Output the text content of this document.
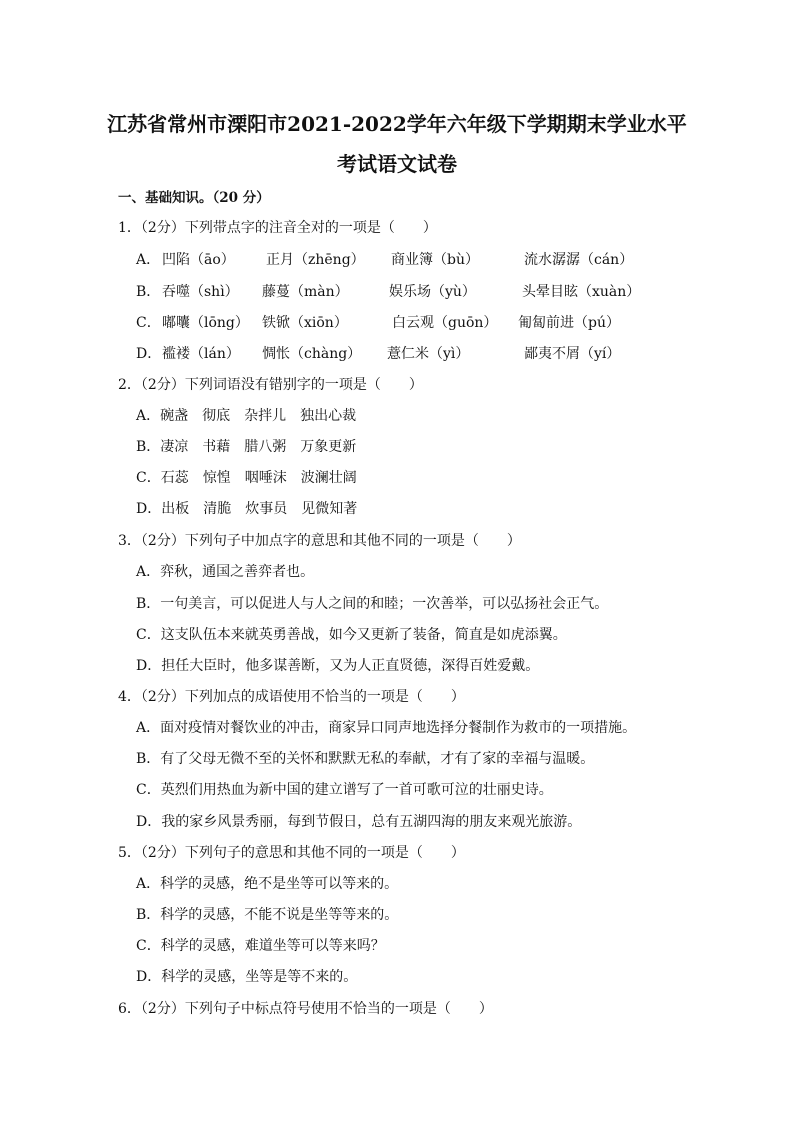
江苏省常州市溧阳市2021-2022学年六年级下学期期末学业水平
考试语文试卷
一、基础知识。（20 分）
1．（2分）下列带点字的注音全对的一项是（　　）
A． 凹陷（āo） 正月（zhēng） 商业簿（bù）	流水潺潺（cán）
B． 吞噬（shì） 藤蔓（màn）	娱乐场（yù）	头晕目眩（xuàn）
C． 嘟囔（lōng） 铁锨（xiōn）	白云观（guōn） 匍匐前进（pú）
D． 褴褛（lán） 惆怅（chàng） 薏仁米（yì）	鄙夷不屑（yí）
2．（2分）下列词语没有错别字的一项是（　　）
A．碗盏 彻底 杂拌儿 独出心裁
B．凄凉 书藉 腊八粥 万象更新
C．石蕊 惊惶 咽唾沫 波澜壮阔
D．出板 清脆 炊事员 见微知著
3．（2分）下列句子中加点字的意思和其他不同的一项是（　　）
A．弈秋，通国之善弈者也。
B．一句美言，可以促进人与人之间的和睦；一次善举，可以弘扬社会正气。
C．这支队伍本来就英勇善战，如今又更新了装备，简直是如虎添翼。
D．担任大臣时，他多谋善断，又为人正直贤德，深得百姓爱戴。
4．（2分）下列加点的成语使用不恰当的一项是（　　）
A．面对疫情对餐饮业的冲击，商家异口同声地选择分餐制作为救市的一项措施。
B．有了父母无微不至的关怀和默默无私的奉献，才有了家的幸福与温暖。
C．英烈们用热血为新中国的建立谱写了一首可歌可泣的壮丽史诗。
D．我的家乡风景秀丽，每到节假日，总有五湖四海的朋友来观光旅游。
5．（2分）下列句子的意思和其他不同的一项是（　　）
A．科学的灵感，绝不是坐等可以等来的。
B．科学的灵感，不能不说是坐等等来的。
C．科学的灵感，难道坐等可以等来吗？
D．科学的灵感，坐等是等不来的。
6．（2分）下列句子中标点符号使用不恰当的一项是（　　）
